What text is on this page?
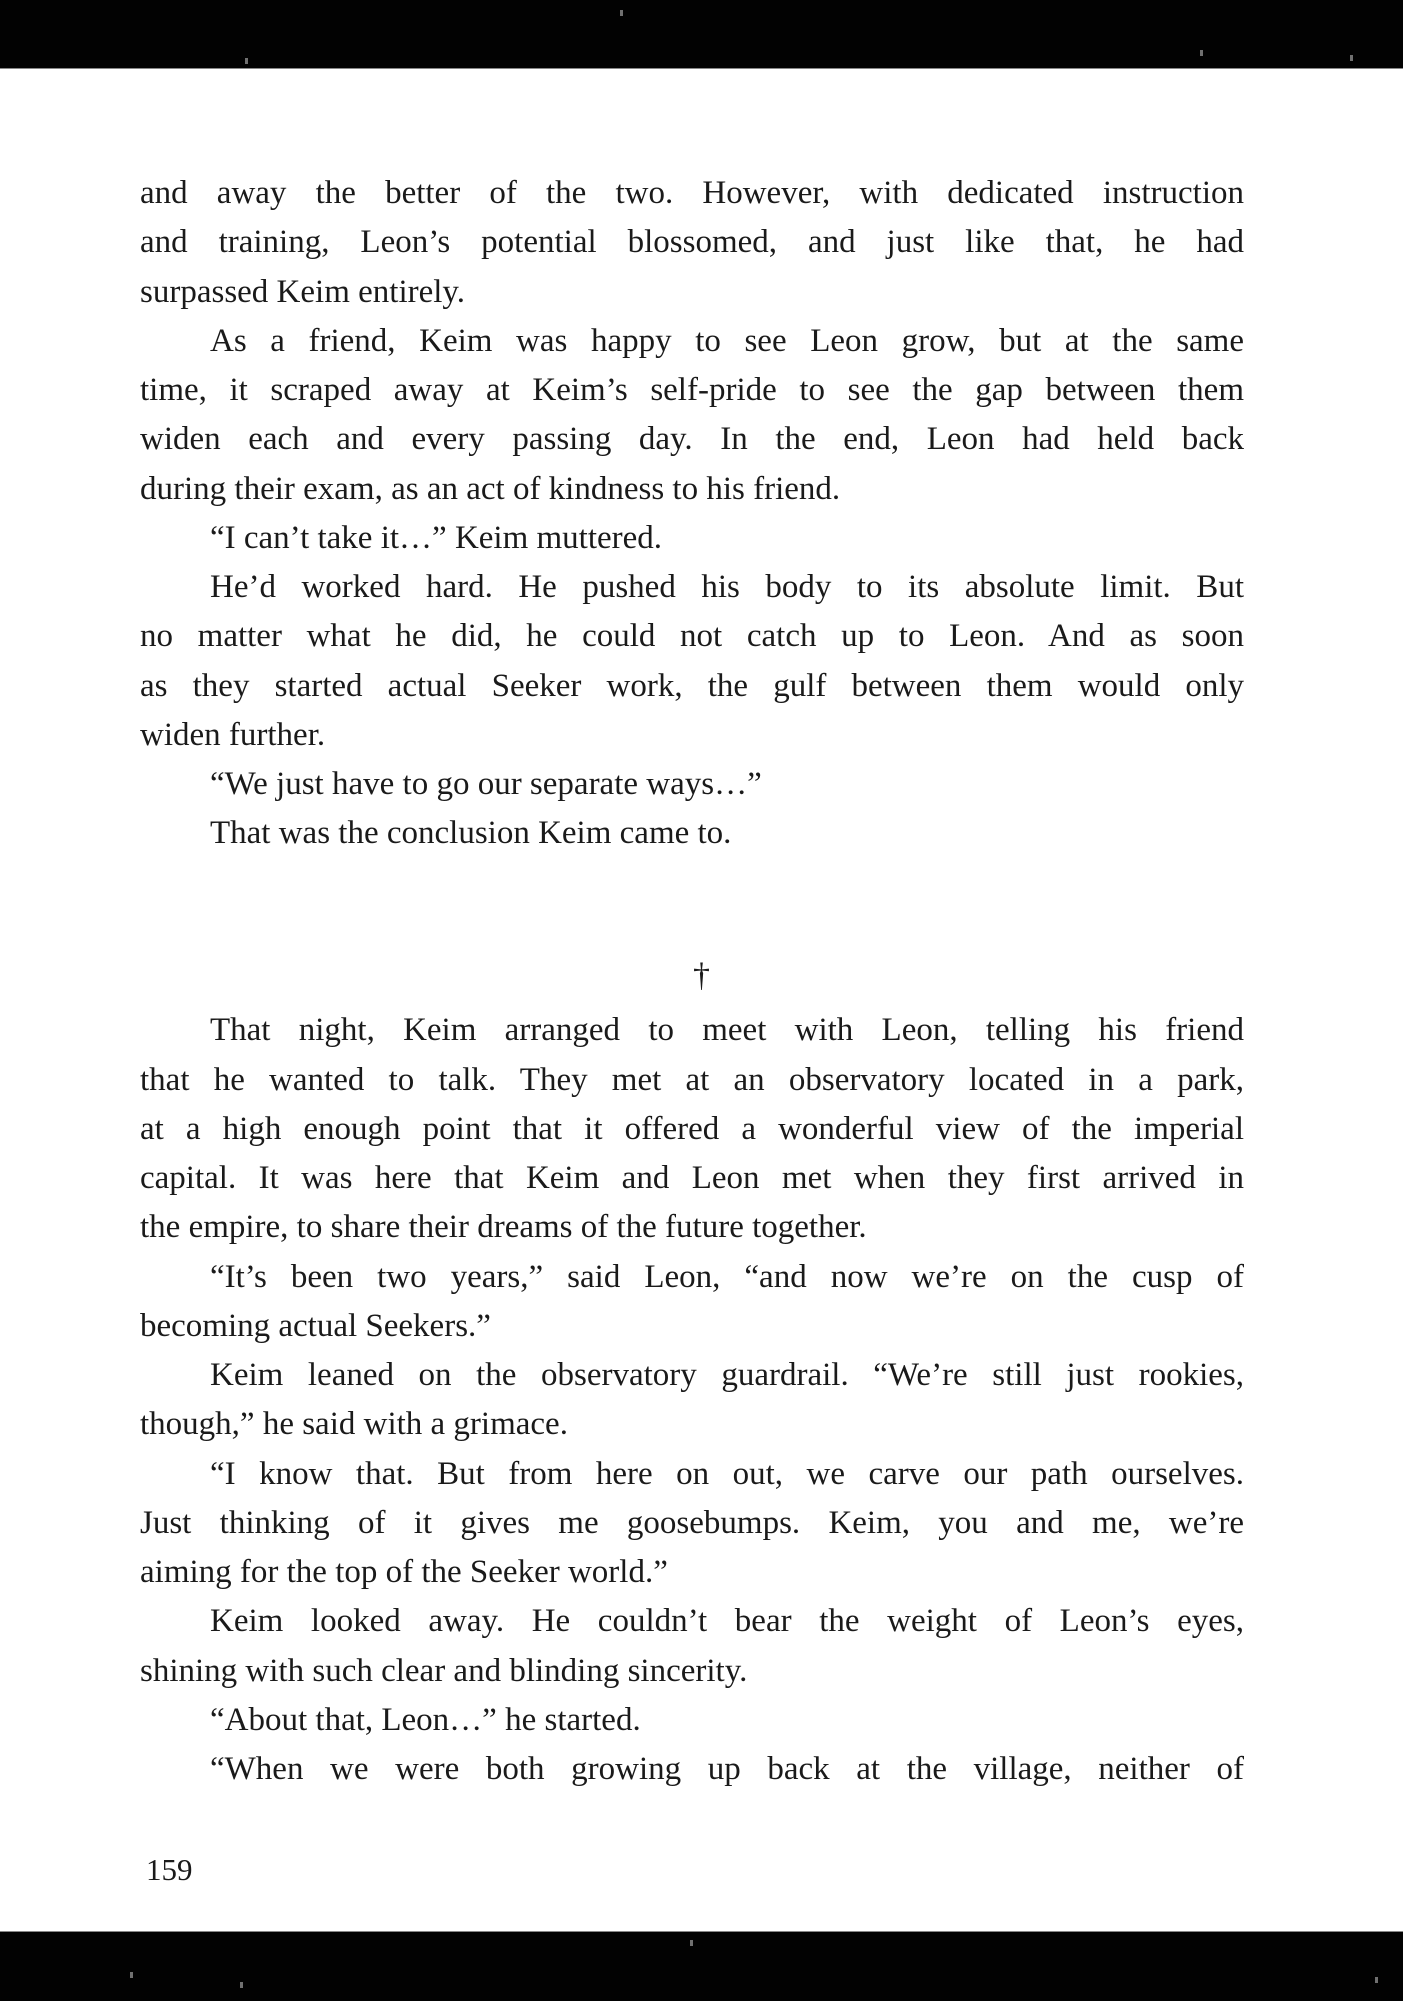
and away the better of the two. However, with dedicated instruction
and training, Leon’s potential blossomed, and just like that, he had
surpassed Keim entirely.
As a friend, Keim was happy to see Leon grow, but at the same
time, it scraped away at Keim’s self-pride to see the gap between them
widen each and every passing day. In the end, Leon had held back
during their exam, as an act of kindness to his friend.
“I can’t take it…” Keim muttered.
He’d worked hard. He pushed his body to its absolute limit. But
no matter what he did, he could not catch up to Leon. And as soon
as they started actual Seeker work, the gulf between them would only
widen further.
“We just have to go our separate ways…”
That was the conclusion Keim came to.
†
That night, Keim arranged to meet with Leon, telling his friend
that he wanted to talk. They met at an observatory located in a park,
at a high enough point that it offered a wonderful view of the imperial
capital. It was here that Keim and Leon met when they first arrived in
the empire, to share their dreams of the future together.
“It’s been two years,” said Leon, “and now we’re on the cusp of
becoming actual Seekers.”
Keim leaned on the observatory guardrail. “We’re still just rookies,
though,” he said with a grimace.
“I know that. But from here on out, we carve our path ourselves.
Just thinking of it gives me goosebumps. Keim, you and me, we’re
aiming for the top of the Seeker world.”
Keim looked away. He couldn’t bear the weight of Leon’s eyes,
shining with such clear and blinding sincerity.
“About that, Leon…” he started.
“When we were both growing up back at the village, neither of
159
